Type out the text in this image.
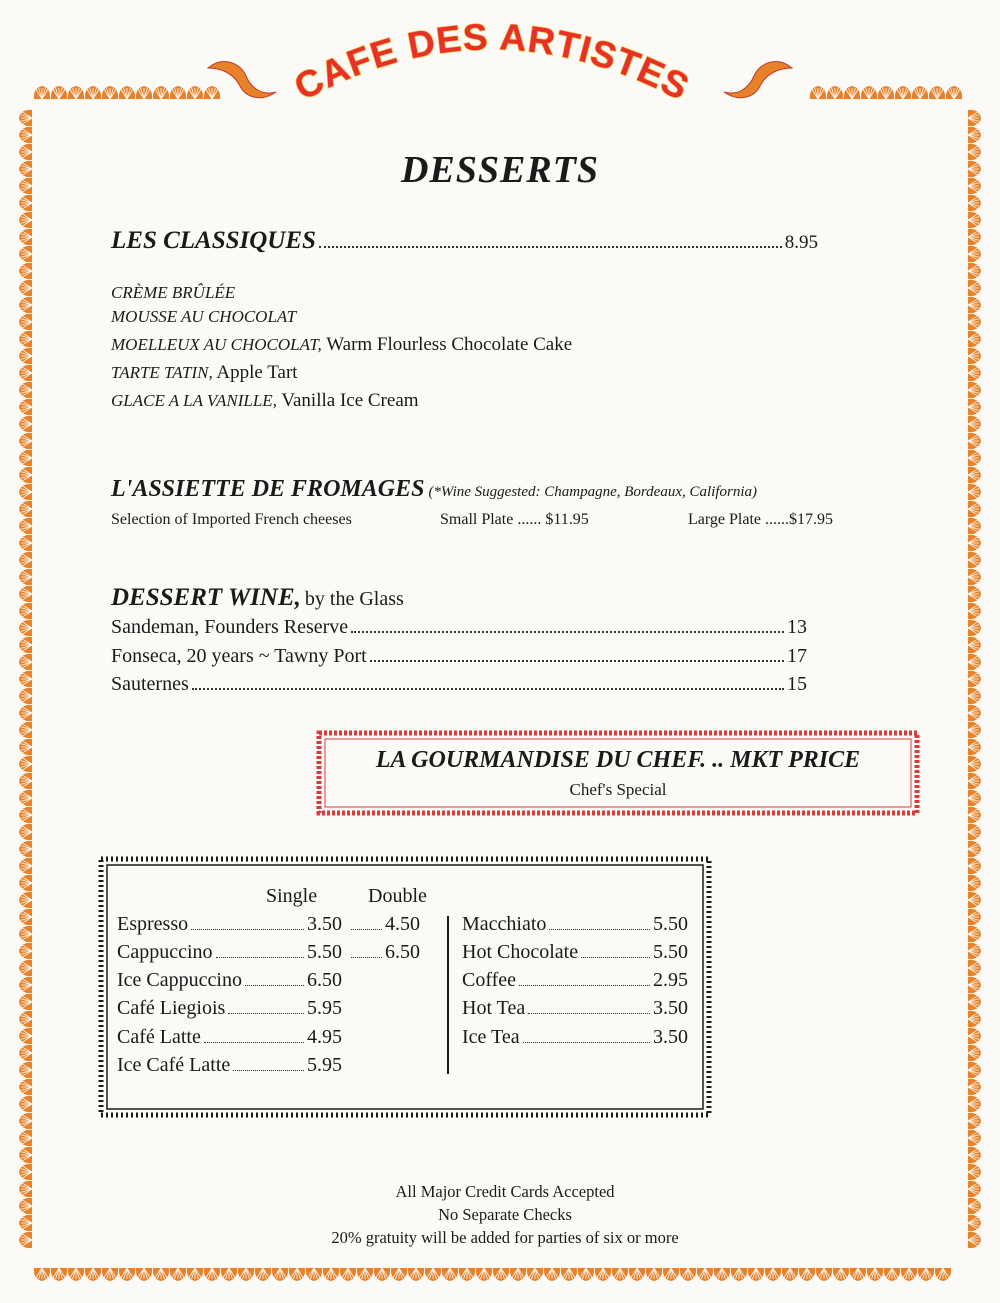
CAFE DES ARTISTES
DESSERTS
LES CLASSIQUES	8.95
CRÈME BRÛLÉE
MOUSSE AU CHOCOLAT
MOELLEUX AU CHOCOLAT, Warm Flourless Chocolate Cake
TARTE TATIN, Apple Tart
GLACE A LA VANILLE, Vanilla Ice Cream
L'ASSIETTE DE FROMAGES (*Wine Suggested: Champagne, Bordeaux, California)
Selection of Imported French cheeses	Small Plate ...... $11.95	Large Plate ......$17.95
DESSERT WINE, by the Glass
Sandeman, Founders Reserve	13
Fonseca, 20 years ~ Tawny Port	17
Sauternes	15
LA GOURMANDISE DU CHEF. .. MKT PRICE
Chef's Special
Single	Double
Espresso	3.50 4.50
Cappuccino	5.50 6.50
Ice Cappuccino	6.50
Café Liegiois	5.95
Café Latte	4.95
Ice Café Latte	5.95
Macchiato	5.50
Hot Chocolate	5.50
Coffee	2.95
Hot Tea	3.50
Ice Tea	3.50
All Major Credit Cards Accepted
No Separate Checks
20% gratuity will be added for parties of six or more
